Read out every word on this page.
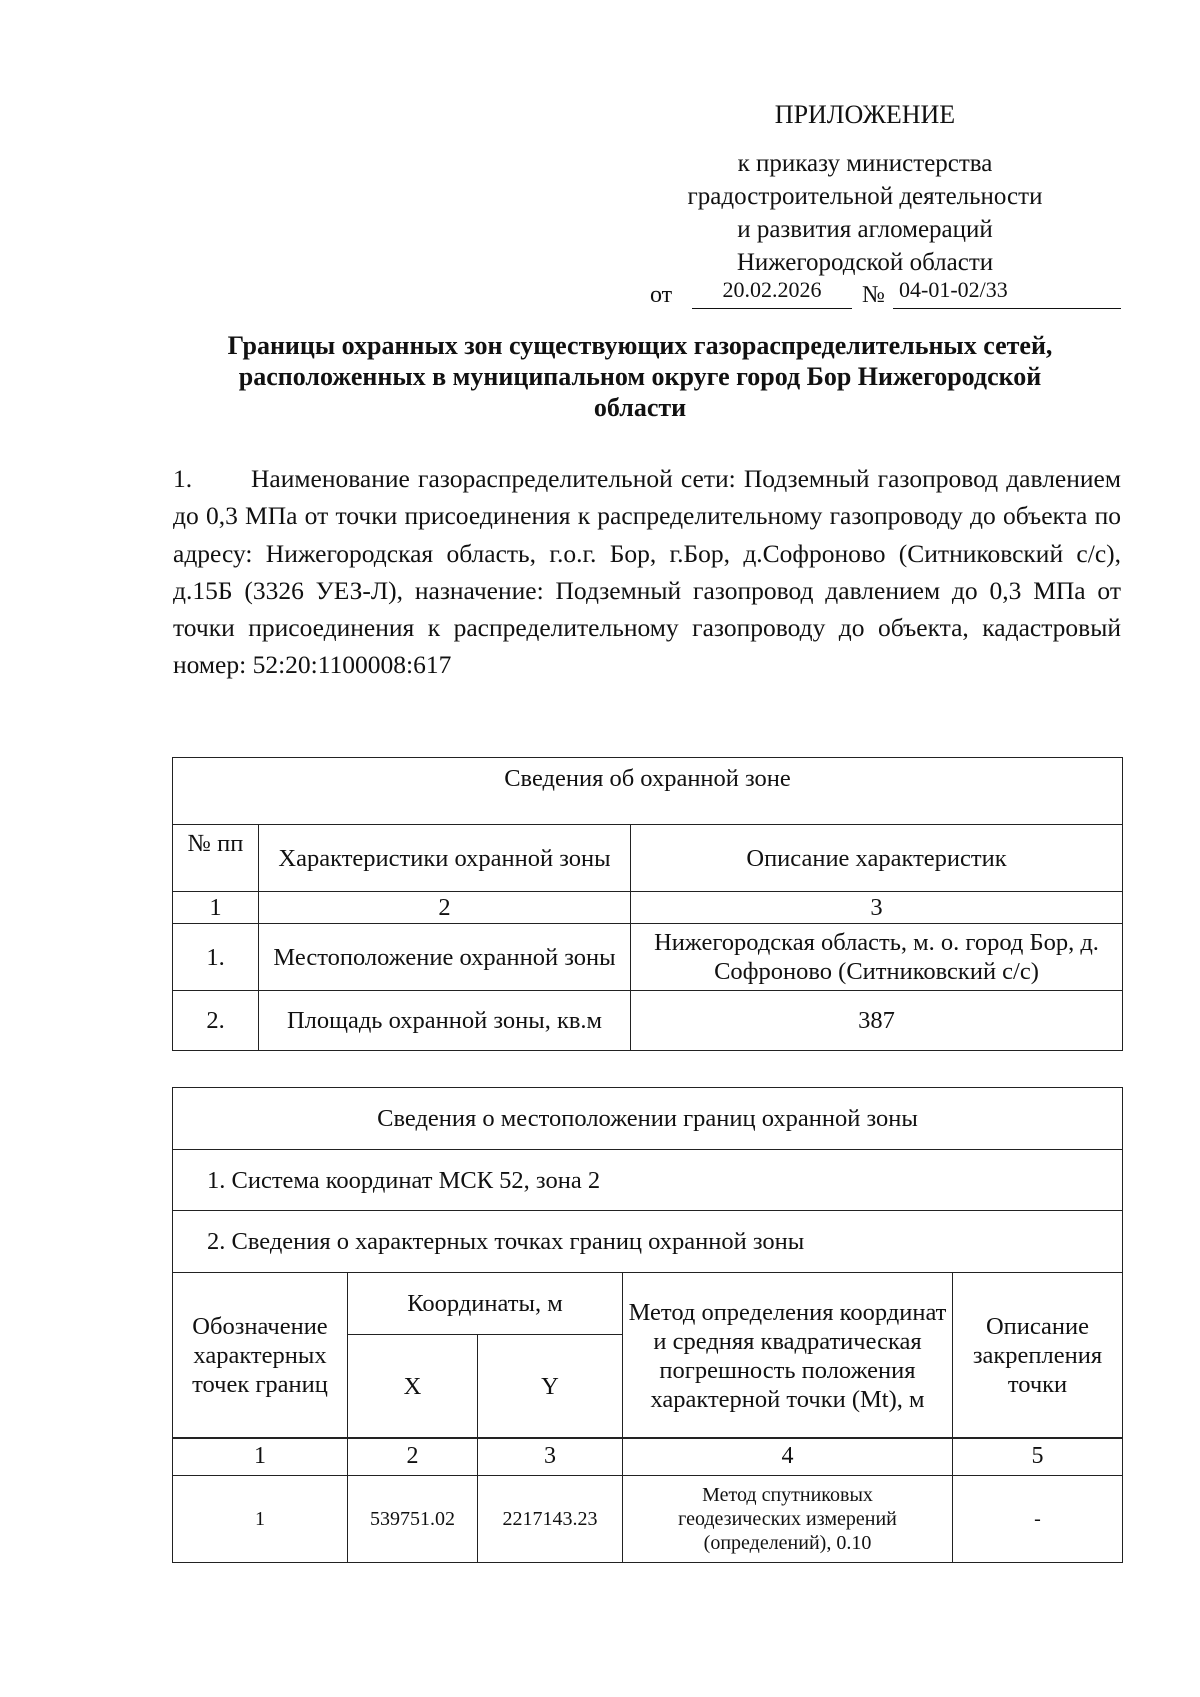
ПРИЛОЖЕНИЕ
к приказу министерства
градостроительной деятельности
и развития агломераций
Нижегородской области
от	20.02.2026	№ 04-01-02/33
Границы охранных зон существующих газораспределительных сетей,
расположенных в муниципальном округе город Бор Нижегородской
области
1. Наименование газораспределительной сети: Подземный газопровод давлением до 0,3 МПа от точки присоединения к распределительному газопроводу до объекта по адресу: Нижегородская область, г.о.г. Бор, г.Бор, д.Софроново (Ситниковский с/с), д.15Б (3326 УЕЗ-Л), назначение: Подземный газопровод давлением до 0,3 МПа от точки присоединения к распределительному газопроводу до объекта, кадастровый номер: 52:20:1100008:617
Сведения об охранной зоне		
№ пп	Характеристики охранной зоны	Описание характеристик
1	2	3
1.	Местоположение охранной зоны	Нижегородская область, м. о. город Бор, д. Софроново (Ситниковский с/с)
2.	Площадь охранной зоны, кв.м	387
Сведения о местоположении границ охранной зоны				
1. Система координат МСК 52, зона 2				
2. Сведения о характерных точках границ охранной зоны				
Обозначение характерных точек границ	Координаты, м		Метод определения координат и средняя квадратическая погрешность положения характерной точки (Mt), м	Описание закрепления точки
	X	Y		
1	2	3	4	5
1	539751.02	2217143.23	Метод спутниковых геодезических измерений (определений), 0.10	-
